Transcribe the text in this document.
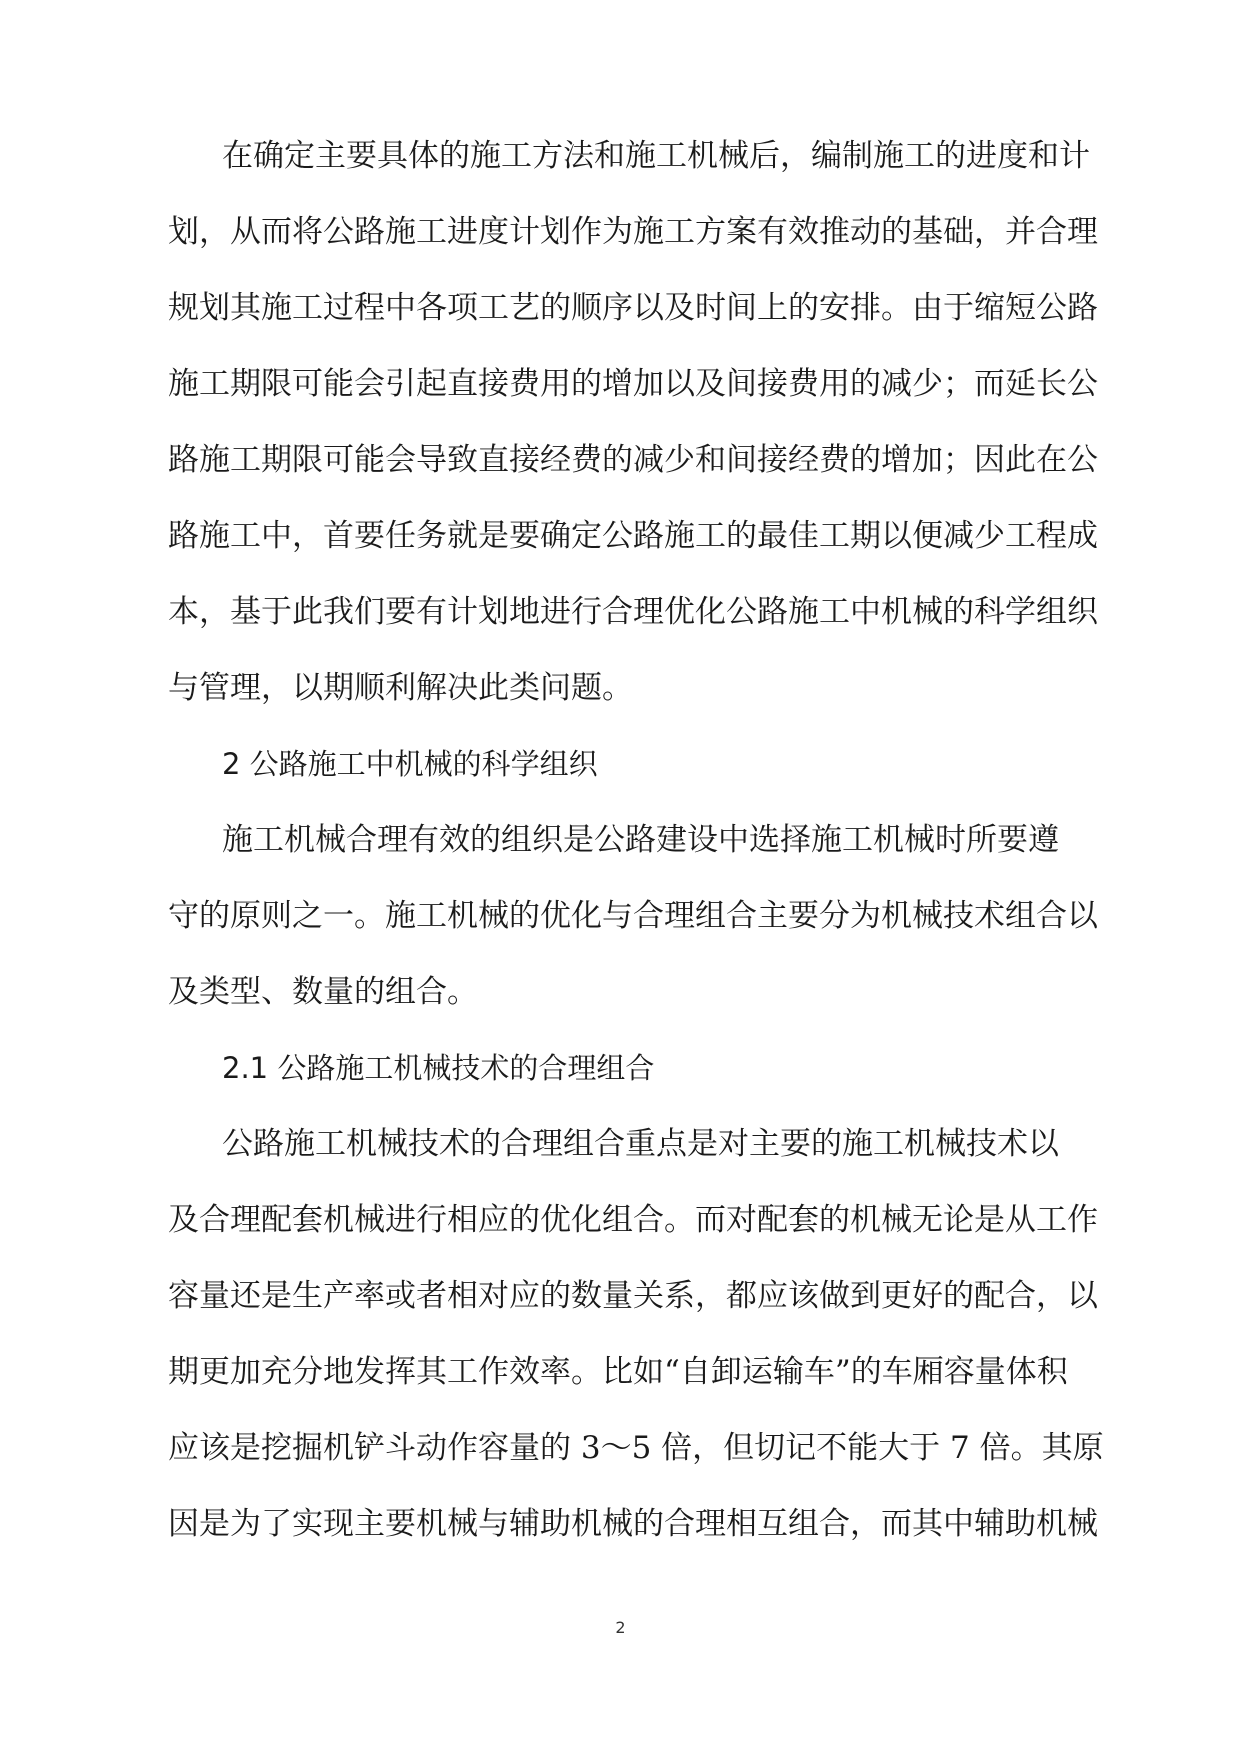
在确定主要具体的施工方法和施工机械后，编制施工的进度和计
划，从而将公路施工进度计划作为施工方案有效推动的基础，并合理
规划其施工过程中各项工艺的顺序以及时间上的安排。由于缩短公路
施工期限可能会引起直接费用的增加以及间接费用的减少；而延长公
路施工期限可能会导致直接经费的减少和间接经费的增加；因此在公
路施工中，首要任务就是要确定公路施工的最佳工期以便减少工程成
本，基于此我们要有计划地进行合理优化公路施工中机械的科学组织
与管理，以期顺利解决此类问题。
2 公路施工中机械的科学组织
施工机械合理有效的组织是公路建设中选择施工机械时所要遵
守的原则之一。施工机械的优化与合理组合主要分为机械技术组合以
及类型、数量的组合。
2.1 公路施工机械技术的合理组合
公路施工机械技术的合理组合重点是对主要的施工机械技术以
及合理配套机械进行相应的优化组合。而对配套的机械无论是从工作
容量还是生产率或者相对应的数量关系，都应该做到更好的配合，以
期更加充分地发挥其工作效率。比如“自卸运输车”的车厢容量体积
应该是挖掘机铲斗动作容量的 3～5 倍，但切记不能大于 7 倍。其原
因是为了实现主要机械与辅助机械的合理相互组合，而其中辅助机械
2
